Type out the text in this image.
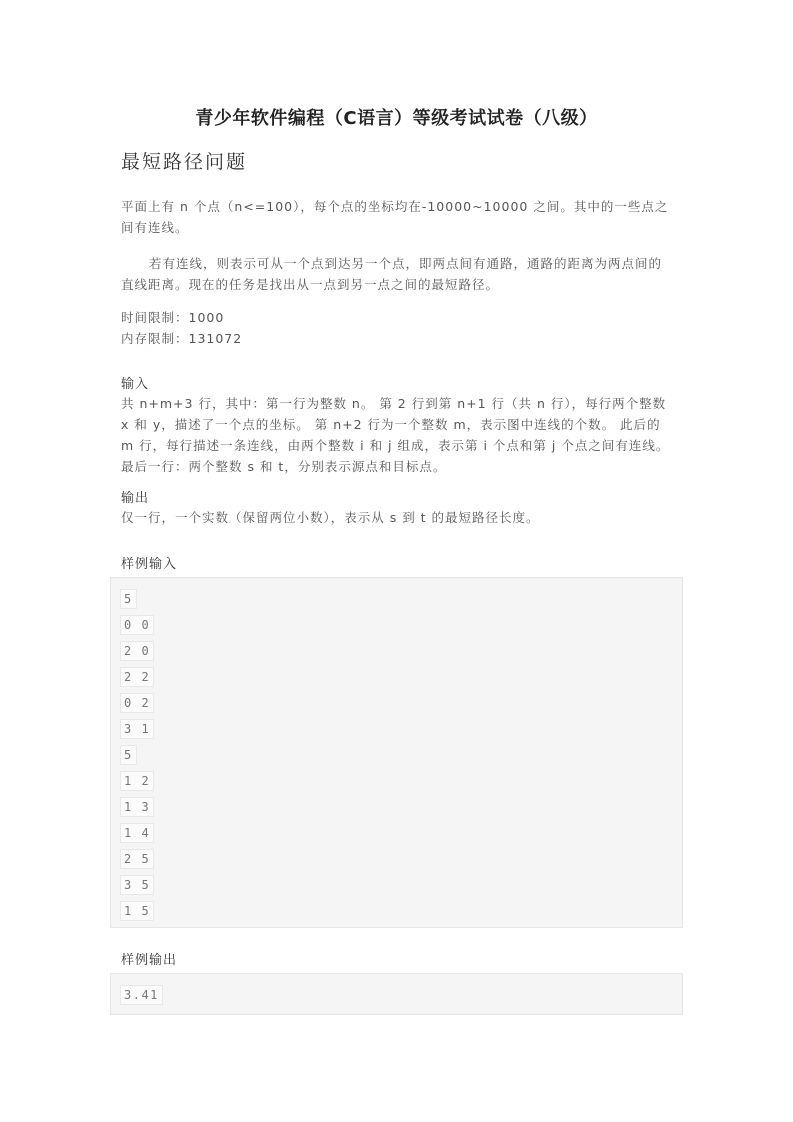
青少年软件编程（C语言）等级考试试卷（八级）
最短路径问题
平面上有 n 个点（n<=100），每个点的坐标均在-10000~10000 之间。其中的一些点之间有连线。
若有连线，则表示可从一个点到达另一个点，即两点间有通路，通路的距离为两点间的直线距离。现在的任务是找出从一点到另一点之间的最短路径。
时间限制：1000
内存限制：131072
输入
共 n+m+3 行，其中：第一行为整数 n。 第 2 行到第 n+1 行（共 n 行），每行两个整数 x 和 y，描述了一个点的坐标。 第 n+2 行为一个整数 m，表示图中连线的个数。 此后的 m 行，每行描述一条连线，由两个整数 i 和 j 组成，表示第 i 个点和第 j 个点之间有连线。 最后一行：两个整数 s 和 t，分别表示源点和目标点。
输出
仅一行，一个实数（保留两位小数），表示从 s 到 t 的最短路径长度。
样例输入
5
0 0
2 0
2 2
0 2
3 1
5
1 2
1 3
1 4
2 5
3 5
1 5
样例输出
3.41
